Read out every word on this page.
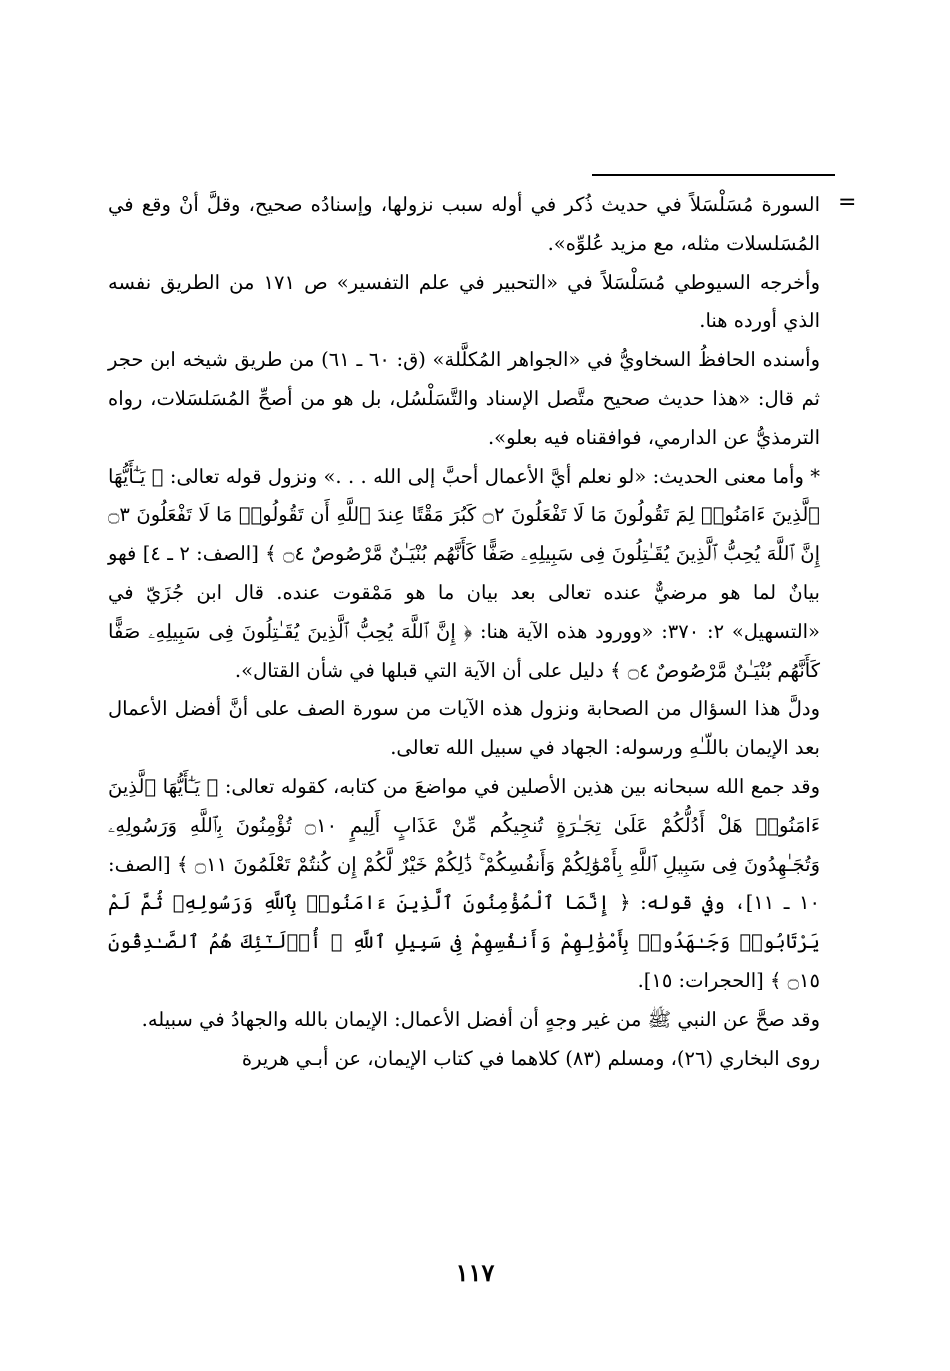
=

السورة مُسَلْسَلاً في حديث ذُكر في أوله سبب نزولها، وإسنادُه صحيح، وقلَّ أنْ وقع في المُسَلسلات مثله، مع مزيد عُلوِّه».

وأخرجه السيوطي مُسَلْسَلاً في «التحبير في علم التفسير» ص ١٧١ من الطريق نفسه الذي أورده هنا.

وأسنده الحافظُ السخاويُّ في «الجواهر المُكلَّلة» (ق: ٦٠ ـ ٦١) من طريق شيخه ابن حجر ثم قال: «هذا حديث صحيح متَّصل الإسناد والتَّسَلْسُل، بل هو من أصحِّ المُسَلسَلات، رواه الترمذيُّ عن الدارمي، فوافقناه فيه بعلو».

* وأما معنى الحديث: «لو نعلم أيَّ الأعمال أحبَّ إلى الله . . .» ونزول قوله تعالى: ﴿ يَـٰٓأَيُّهَا ٱلَّذِينَ ءَامَنُوا۟ لِمَ تَقُولُونَ مَا لَا تَفْعَلُونَ ۝٢ كَبُرَ مَقْتًا عِندَ ٱللَّهِ أَن تَقُولُوا۟ مَا لَا تَفْعَلُونَ ۝٣ إِنَّ ٱللَّهَ يُحِبُّ ٱلَّذِينَ يُقَـٰتِلُونَ فِى سَبِيلِهِۦ صَفًّا كَأَنَّهُم بُنْيَـٰنٌ مَّرْصُوصٌ ۝٤ ﴾ [الصف: ٢ ـ ٤] فهو بيانٌ لما هو مرضيٌّ عنده تعالى بعد بيان ما هو مَمْقوت عنده. قال ابن جُزَيّ في «التسهيل» ٢: ٣٧٠: «وورود هذه الآية هنا: ﴿ إِنَّ ٱللَّهَ يُحِبُّ ٱلَّذِينَ يُقَـٰتِلُونَ فِى سَبِيلِهِۦ صَفًّا كَأَنَّهُم بُنْيَـٰنٌ مَّرْصُوصٌ ۝٤ ﴾ دليل على أن الآية التي قبلها في شأن القتال».

ودلَّ هذا السؤال من الصحابة ونزول هذه الآيات من سورة الصف على أنَّ أفضل الأعمال بعد الإيمان باللّـٰهِ ورسوله: الجهاد في سبيل الله تعالى.

وقد جمع الله سبحانه بين هذين الأصلين في مواضعَ من كتابه، كقوله تعالى: ﴿ يَـٰٓأَيُّهَا ٱلَّذِينَ ءَامَنُوا۟ هَلْ أَدُلُّكُمْ عَلَىٰ تِجَـٰرَةٍ تُنجِيكُم مِّنْ عَذَابٍ أَلِيمٍ ۝١٠ تُؤْمِنُونَ بِٱللَّهِ وَرَسُولِهِۦ وَتُجَـٰهِدُونَ فِى سَبِيلِ ٱللَّهِ بِأَمْوَٰلِكُمْ وَأَنفُسِكُمْ ۚ ذَٰلِكُمْ خَيْرٌ لَّكُمْ إِن كُنتُمْ تَعْلَمُونَ ۝١١ ﴾ [الصف: ١٠ ـ ١١]، وفي قوله: ﴿ إِنَّمَا ٱلْمُؤْمِنُونَ ٱلَّذِينَ ءَامَنُوا۟ بِٱللَّهِ وَرَسُولِهِۦ ثُمَّ لَمْ يَرْتَابُوا۟ وَجَـٰهَدُوا۟ بِأَمْوَٰلِهِمْ وَأَنفُسِهِمْ فِى سَبِيلِ ٱللَّهِ ۚ أُو۟لَـٰٓئِكَ هُمُ ٱلصَّـٰدِقُونَ ۝١٥ ﴾ [الحجرات: ١٥].

وقد صحَّ عن النبي ﷺ من غير وجهٍ أن أفضل الأعمال: الإيمان بالله والجهادُ في سبيله.

روى البخاري (٢٦)، ومسلم (٨٣) كلاهما في كتاب الإيمان، عن أبـي هريرة

١١٧
